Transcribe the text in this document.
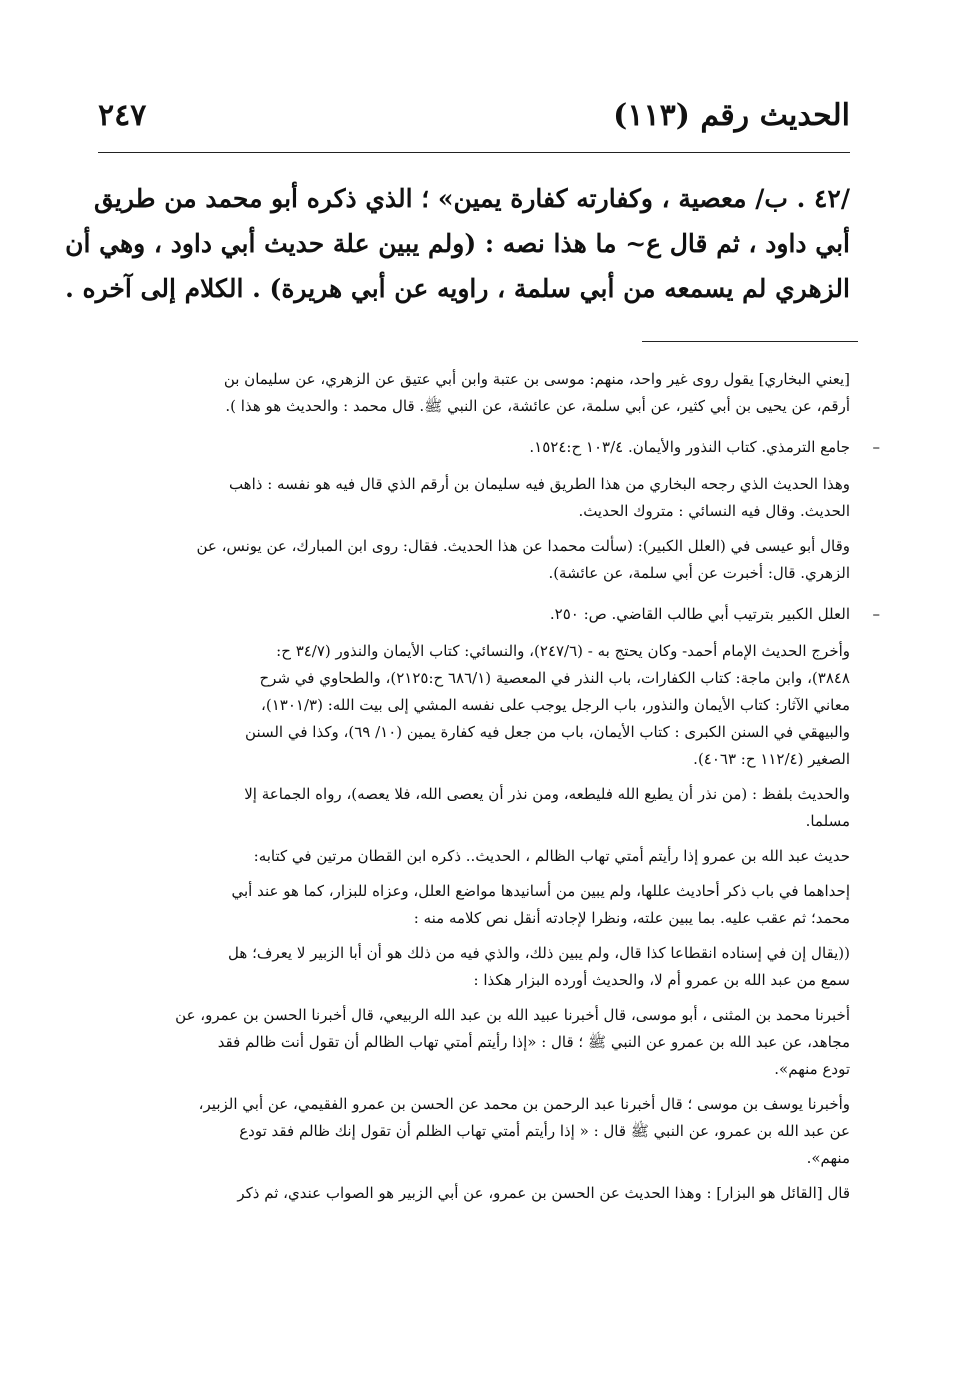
الحديث رقم (١١٣)
٢٤٧

/٤٢ . ب/ معصية ، وكفارته كفارة يمين» ؛ الذي ذكره أبو محمد من طريق
أبي داود ، ثم قال ع~ ما هذا نصه : (ولم يبين علة حديث أبي داود ، وهي أن
الزهري لم يسمعه من أبي سلمة ، راويه عن أبي هريرة) . الكلام إلى آخره .

[يعني البخاري] يقول روى غير واحد، منهم: موسى بن عتبة وابن أبي عتيق عن الزهري، عن سليمان بن
أرقم، عن يحيى بن أبي كثير، عن أبي سلمة، عن عائشة، عن النبي ﷺ. قال محمد : والحديث هو هذا ).

–
جامع الترمذي. كتاب النذور والأيمان. ١٠٣/٤ ح:١٥٢٤.

وهذا الحديث الذي رجحه البخاري من هذا الطريق فيه سليمان بن أرقم الذي قال فيه هو نفسه : ذاهب
الحديث. وقال فيه النسائي : متروك الحديث.

وقال أبو عيسى في (العلل الكبير): (سألت محمدا عن هذا الحديث. فقال: روى ابن المبارك، عن يونس، عن
الزهري. قال: أخبرت عن أبي سلمة، عن عائشة).

–
العلل الكبير بترتيب أبي طالب القاضي. ص: ٢٥٠.

وأخرج الحديث الإمام أحمد- وكان يحتج به - (٢٤٧/٦)، والنسائي: كتاب الأيمان والنذور (٣٤/٧ ح:
٣٨٤٨)، وابن ماجة: كتاب الكفارات، باب النذر في المعصية (٦٨٦/١ ح:٢١٢٥)، والطحاوي في شرح
معاني الآثار: كتاب الأيمان والنذور، باب الرجل يوجب على نفسه المشي إلى بيت الله: (١٣٠١/٣)،
والبيهقي في السنن الكبرى : كتاب الأيمان، باب من جعل فيه كفارة يمين (١٠/ ٦٩)، وكذا في السنن
الصغير (١١٢/٤ ح: ٤٠٦٣).

والحديث بلفظ : (من نذر أن يطيع الله فليطعه، ومن نذر أن يعصى الله، فلا يعصه)، رواه الجماعة إلا
مسلما.

حديث عبد الله بن عمرو إذا رأيتم أمتي تهاب الظالم ، الحديث.. ذكره ابن القطان مرتين في كتابه:

إحداهما في باب ذكر أحاديث عللها، ولم يبين من أسانيدها مواضع العلل، وعزاه للبزار، كما هو عند أبي
محمد؛ ثم عقب عليه. بما يبين علته، ونظرا لإجادته أنقل نص كلامه منه :

((يقال إن في إسناده انقطاعا كذا قال، ولم يبين ذلك، والذي فيه من ذلك هو أن أبا الزبير لا يعرف؛ هل
سمع من عبد الله بن عمرو أم لا، والحديث أورده البزار هكذا :

أخبرنا محمد بن المثنى ، أبو موسى، قال أخبرنا عبيد الله بن عبد الله الربيعي، قال أخبرنا الحسن بن عمرو، عن
مجاهد، عن عبد الله بن عمرو عن النبي ﷺ ؛ قال : «إذا رأيتم أمتي تهاب الظالم أن تقول أنت ظالم فقد
تودع منهم».

وأخبرنا يوسف بن موسى ؛ قال أخبرنا عبد الرحمن بن محمد عن الحسن بن عمرو الفقيمي، عن أبي الزبير،
عن عبد الله بن عمرو، عن النبي ﷺ قال : « إذا رأيتم أمتي تهاب الظلم أن تقول إنك ظالم فقد تودع
منهم».

قال [القائل هو البزار] : وهذا الحديث عن الحسن بن عمرو، عن أبي الزبير هو الصواب عندي، ثم ذكر
